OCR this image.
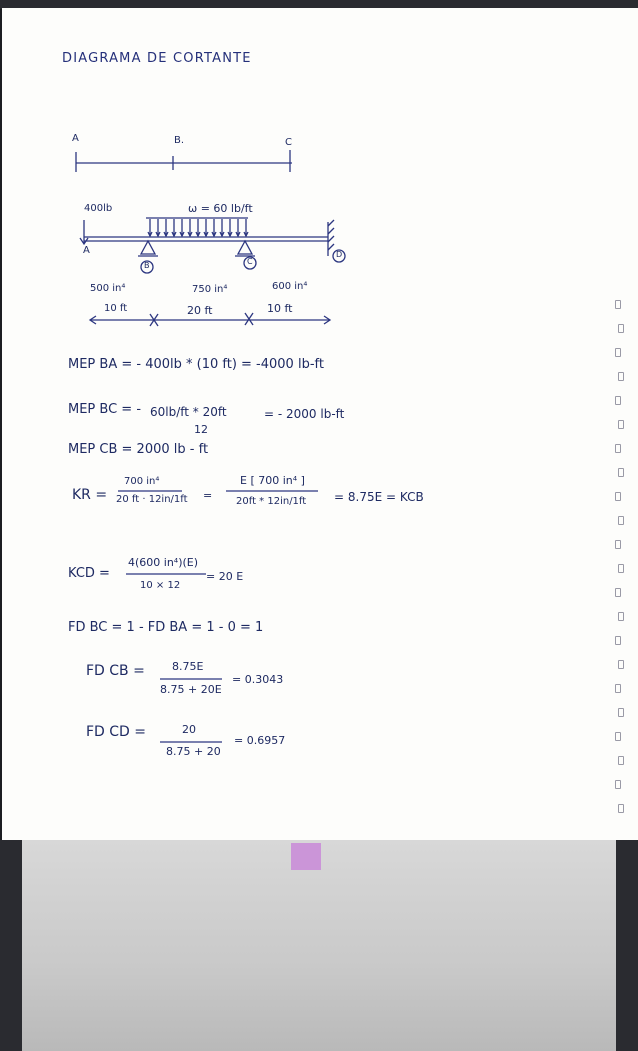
DIAGRAMA DE CORTANTE
A	B.	C
400lb	ω = 60 lb/ft
A
B	C
D
500 in⁴	750 in⁴	600 in⁴
10 ft	20 ft	10 ft
MEP BA = - 400lb * (10 ft) = -4000 lb-ft
MEP BC = - 60lb/ft * 20ft
12
= - 2000 lb-ft
MEP CB = 2000 lb - ft
KR =
700 in⁴
20 ft · 12in/1ft =
E [ 700 in⁴ ]
20ft * 12in/1ft = 8.75E = KCB
KCD =
4(600 in⁴)(E)
10 × 12
= 20 E
FD BC = 1 - FD BA = 1 - 0 = 1
FD CB = 8.75E
8.75 + 20E
= 0.3043
FD CD =	20
8.75 + 20
= 0.6957
